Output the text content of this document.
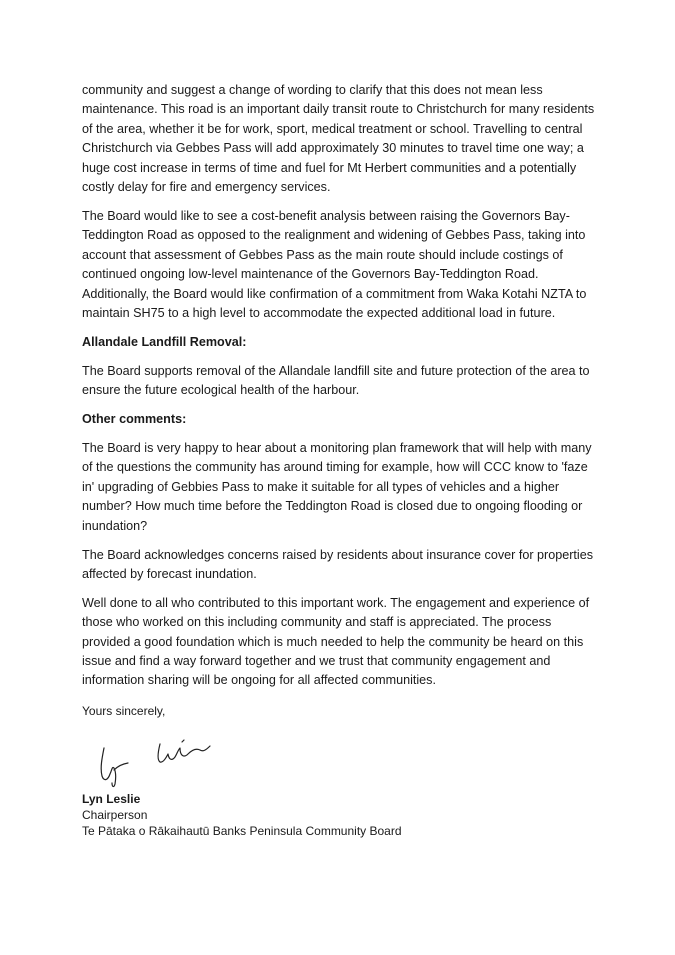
community and suggest a change of wording to clarify that this does not mean less maintenance. This road is an important daily transit route to Christchurch for many residents of the area, whether it be for work, sport, medical treatment or school. Travelling to central Christchurch via Gebbes Pass will add approximately 30 minutes to travel time one way; a huge cost increase in terms of time and fuel for Mt Herbert communities and a potentially costly delay for fire and emergency services.

The Board would like to see a cost-benefit analysis between raising the Governors Bay-Teddington Road as opposed to the realignment and widening of Gebbes Pass, taking into account that assessment of Gebbes Pass as the main route should include costings of continued ongoing low-level maintenance of the Governors Bay-Teddington Road. Additionally, the Board would like confirmation of a commitment from Waka Kotahi NZTA to maintain SH75 to a high level to accommodate the expected additional load in future.

Allandale Landfill Removal:

The Board supports removal of the Allandale landfill site and future protection of the area to ensure the future ecological health of the harbour.

Other comments:

The Board is very happy to hear about a monitoring plan framework that will help with many of the questions the community has around timing for example, how will CCC know to 'faze in' upgrading of Gebbies Pass to make it suitable for all types of vehicles and a higher number? How much time before the Teddington Road is closed due to ongoing flooding or inundation?

The Board acknowledges concerns raised by residents about insurance cover for properties affected by forecast inundation.

Well done to all who contributed to this important work. The engagement and experience of those who worked on this including community and staff is appreciated. The process provided a good foundation which is much needed to help the community be heard on this issue and find a way forward together and we trust that community engagement and information sharing will be ongoing for all affected communities.

Yours sincerely,

Lyn Leslie
Chairperson
Te Pātaka o Rākaihautū Banks Peninsula Community Board
